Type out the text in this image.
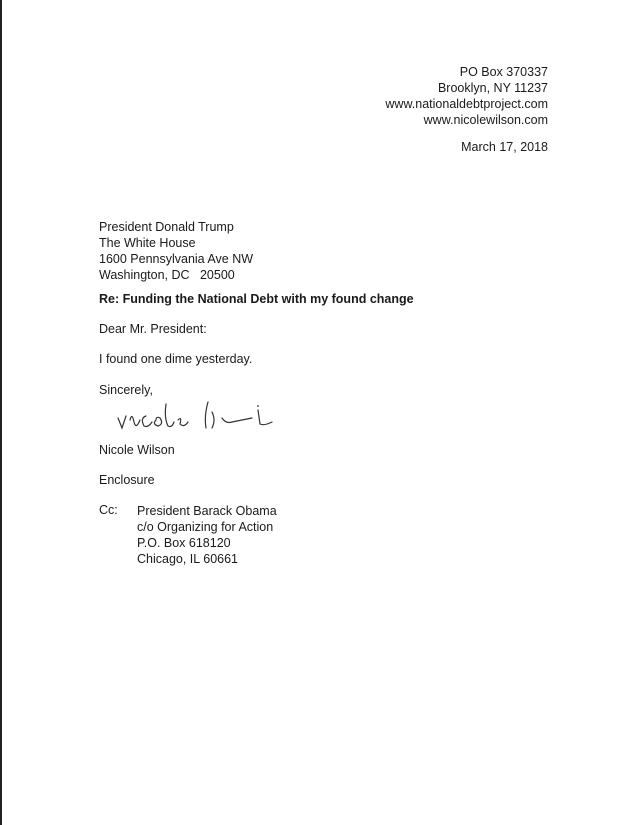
PO Box 370337
Brooklyn, NY 11237
www.nationaldebtproject.com
www.nicolewilson.com
March 17, 2018
President Donald Trump
The White House
1600 Pennsylvania Ave NW
Washington, DC   20500
Re: Funding the National Debt with my found change
Dear Mr. President:
I found one dime yesterday.
Sincerely,
Nicole Wilson
Enclosure
Cc: President Barack Obama
c/o Organizing for Action
P.O. Box 618120
Chicago, IL 60661
